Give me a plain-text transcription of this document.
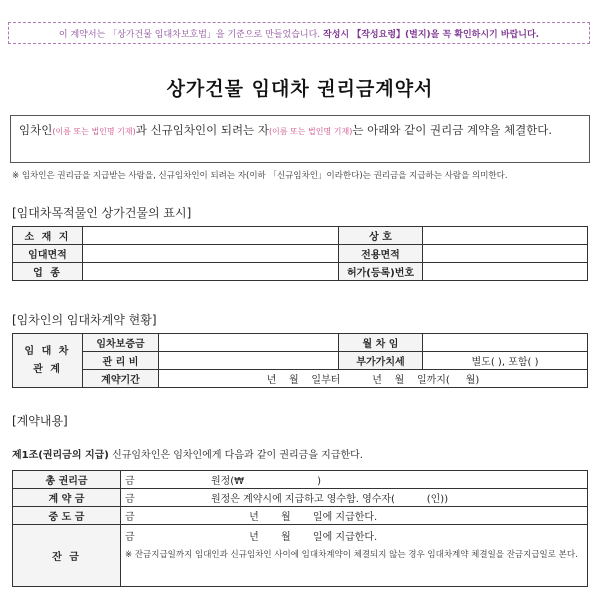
이 계약서는 「상가건물 임대차보호법」을 기준으로 만들었습니다.
작성시 【작성요령】(별지)을 꼭 확인하시기 바랍니다.
상가건물 임대차 권리금계약서
임차인(이름 또는 법인명 기재)과 신규임차인이 되려는 자(이름 또는 법인명 기재)는 아래와 같이 권리금 계약을 체결한다.
※ 임차인은 권리금을 지급받는 사람을, 신규임차인이 되려는 자(이하 「신규임차인」이라한다)는 권리금을 지급하는 사람을 의미한다.
[임대차목적물인 상가건물의 표시]
소 재 지		상 호	
임대면적		전용면적	
업 종		허가(등록)번호	
[임차인의 임대차계약 현황]
임 대 차
관 계	임차보증금		월 차 임	
	관 리 비		부가가치세	별도( ), 포함( )
	계약기간	년    월    일부터          년    월    일까지(     월)		
[계약내용]
제1조(권리금의 지급) 신규임차인은 임차인에게 다음과 같이 권리금을 지급한다.
총 권리금	금                        원정(₩                       )
계 약 금	금                        원정은 계약시에 지급하고 영수함. 영수자(          (인))
중 도 금	금                                    년       월       일에 지급한다.
잔 금	금                                    년       월       일에 지급한다.
※ 잔금지급일까지 임대인과 신규임차인 사이에 임대차계약이 체결되지 않는 경우 임대차계약 체결일을 잔금지급일로 본다.
